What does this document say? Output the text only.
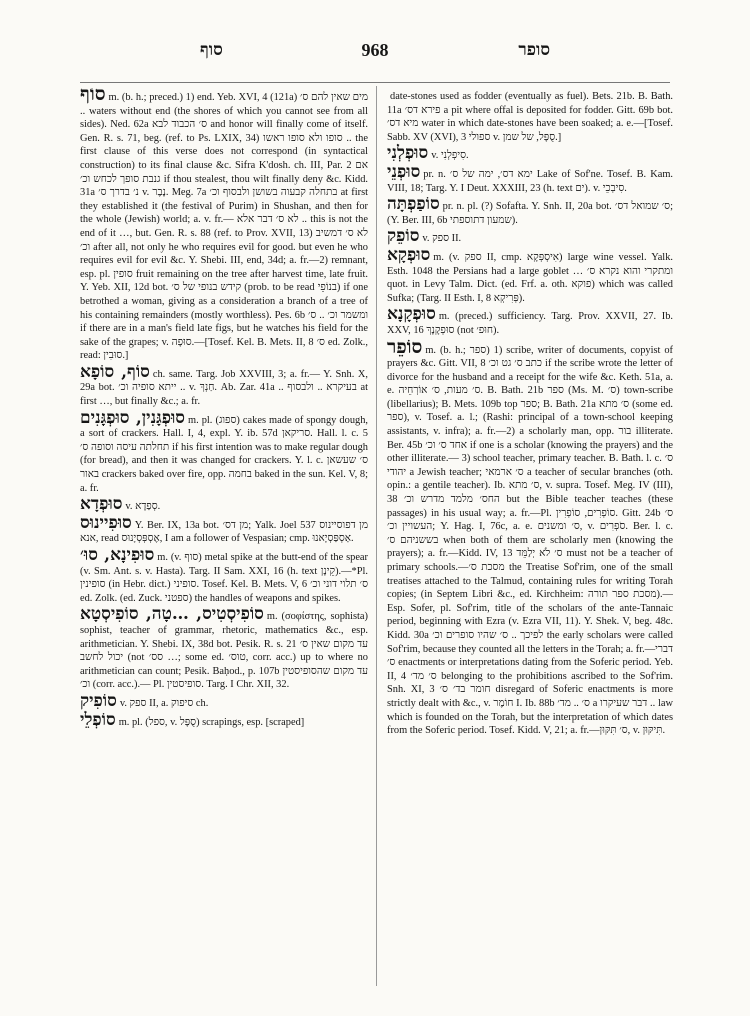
סוף	968	סופר

סוֹף m. (b. h.; preced.) 1) end. Yeb. XVI, 4 (121a) מים שאין להם ס׳ .. waters without end (the shores of which you cannot see from all sides). Ned. 62a ס׳ הכבוד לבא and honor will finally come of itself. Gen. R. s. 71, beg. (ref. to Ps. LXIX, 34) סופו ולא סופו ראשו .. the first clause of this verse does not correspond (in syntactical construction) to its final clause &c. Sifra K'dosh. ch. III, Par. 2 אם גנבת סופך לכחש וכ׳ if thou stealest, thou wilt finally deny &c. Kidd. 31a נ׳ בדרך ס׳ v. נֶבֶר. Meg. 7a בתחלה קבעוה בשושן ולבסוף וכ׳ at first they established it (the festival of Purim) in Shushan, and then for the whole (Jewish) world; a. v. fr.— לא ס׳ דבר אלא .. this is not the end of it …, but. Gen. R. s. 88 (ref. to Prov. XVII, 13) לא ס׳ דמשיב וכ׳ after all, not only he who requires evil for good. but even he who requires evil for evil &c. Y. Shebi. III, end, 34d; a. fr.—2) remnant, esp. pl. סופין fruit remaining on the tree after harvest time, late fruit. Y. Yeb. XII, 12d bot. קידש בנופי של ס׳ (prob. to be read בנוֹפֵי) if one betrothed a woman, giving as a consideration a branch of a tree of his containing remainders (mostly worthless). Pes. 6b ומשמר וכ׳ .. ס׳ if there are in a man's field late figs, but he watches his field for the sake of the grapes; v. סוּפָה.—[Tosef. Kel. B. Mets. II, 8 ס׳ ed. Zolk., read: סוּבִין.]

סוֹף, סוֹפָא ch. same. Targ. Job XXVIII, 3; a. fr.— Y. Snh. X, 29a bot. ייתא סופיה וכ׳ .. v. חַנְךְ. Ab. Zar. 41a .. בעיקרא .. ולבסוף at first …, but finally &c.; a. fr.

סוּפְגָּנִין, סוּפְגָּנִים m. pl. (ספוג) cakes made of spongy dough, a sort of crackers. Hall. I, 4, expl. Y. ib. 57d סריקאן. Hall. l. c. 5 תחלתה עיסה וסופה ס׳ if his first intention was to make regular dough (for bread), and then it was changed for crackers. Y. l. c. ס׳ שעשאן באור crackers baked over fire, opp. בחמה baked in the sun. Kel. V, 8; a. fr.

סוּפְדָא v. סְפַדָא.

סוּפִיינוּס Y. Ber. IX, 13a bot. מן דס׳; Yalk. Joel 537 מן דפוסיינוס אנא, read אֶסְפְּסְיָנוּס, I am a follower of Vespasian; cmp. אַסְפַּסְיָאנוּ.

סוּפִינָא, סוּ׳ m. (v. סוף) metal spike at the butt-end of the spear (v. Sm. Ant. s. v. Hasta). Targ. II Sam. XXI, 16 (h. text קֵינָן).—*Pl. סופינין (in Hebr. dict.) סופיני. Tosef. Kel. B. Mets. V, 6 ס׳ תלוי דוני וכ׳ ed. Zolk. (ed. Zuck. ספטני) the handles of weapons and spikes.

סוֹפִיסְטִיס, …טָה, סוֹפִיסְטָא m. (σοφίστης, sophista) sophist, teacher of grammar, rhetoric, mathematics &c., esp. arithmetician. Y. Shebi. IX, 38d bot. Pesik. R. s. 21 עד מקום שאין ס׳ יכול לחשב (not סס׳ …; some ed. טוס׳, corr. acc.) up to where no arithmetician can count; Pesik. Baḥod., p. 107b עד מקום שהסופיסטין וכ׳ (corr. acc.).— Pl. סופיסטין. Targ. I Chr. XII, 32.

סוֹפִיק v. ספק II, a. סיפוק ch.

סוֹפְלֵי m. pl. (ספל, v. סֻפָּל) scrapings, esp. [scraped]

date-stones used as fodder (eventually as fuel). Bets. 21b. B. Bath. 11a פירא דס׳ a pit where offal is deposited for fodder. Gitt. 69b bot. מיא דס׳ water in which date-stones have been soaked; a. e.—[Tosef. Sabb. XV (XVI), 3 ספולי v. סֻפָּל, של שמן.]

סוּפְלְנִי v. סִיפְלְנִי.

סוּפְנֵי pr. n. ימא דס׳, ימה של ס׳ Lake of Sof'ne. Tosef. B. Kam. VIII, 18; Targ. Y. I Deut. XXXIII, 23 (h. text ים). v. סִיבְכֵי.

סוֹפַפְתָּה pr. n. pl. (?) Sofafta. Y. Snh. II, 20a bot. ס׳ שמואל דס׳; (Y. Ber. III, 6b שמעון דתוספתי).

סוֹפֵק v. ספק II.

סוּפְקָא m. (v. ספק II, cmp. אִיסְפְּקָא) large wine vessel. Yalk. Esth. 1048 the Persians had a large goblet … ומתקרי והוא נקרא ס׳ quot. in Levy Talm. Dict. (ed. Frf. a. oth. פוקא) which was called Sufka; (Targ. II Esth. I, 8 פְּרִיקְא).

סוּפְקָנָא m. (preced.) sufficiency. Targ. Prov. XXVII, 27. Ib. XXV, 16 סוּפְקָנָךְ (not חוּפ׳).

סוֹפֵר m. (b. h.; ספר) 1) scribe, writer of documents, copyist of prayers &c. Gitt. VII, 8 כתב ס׳ גט וכ׳ if the scribe wrote the letter of divorce for the husband and a receipt for the wife &c. Keth. 51a, a. e. ס׳ מעות, ס׳ אוֹרְחֵיה. B. Bath. 21b ספר (Ms. M. ס׳) town-scribe (libellarius); B. Mets. 109b top ספר; B. Bath. 21a ס׳ מתא (some ed. ספר), v. Tosef. a. l.; (Rashi: principal of a town-school keeping assistants, v. infra); a. fr.—2) a scholarly man, opp. בור illiterate. Ber. 45b אחד ס׳ וכ׳ if one is a scholar (knowing the prayers) and the other illiterate.— 3) school teacher, primary teacher. B. Bath. l. c. ס׳ יהודי a Jewish teacher; ס׳ ארמאי a teacher of secular branches (oth. opin.: a gentile teacher). Ib. ס׳ מתא, v. supra. Tosef. Meg. IV (III), 38 החס׳ מלמד מדרש וכ׳ but the Bible teacher teaches (these passages) in his usual way; a. fr.—Pl. סוֹפְרִים, סוֹפְרִין. Gitt. 24b ס׳ העשויין וכ׳; Y. Hag. I, 76c, a. e. ס׳ ומשנים, v. סֹפְרִים. Ber. l. c. בששניהם ס׳ when both of them are scholarly men (knowing the prayers); a. fr.—Kidd. IV, 13 ס׳ לֹא יְלַמֵּד must not be a teacher of primary schools.—מסכת ס׳ the Treatise Sof'rim, one of the small treatises attached to the Talmud, containing rules for writing Torah copies; (in Septem Libri &c., ed. Kirchheim: מסכת ספר תורה).—Esp. Sofer, pl. Sof'rim, title of the scholars of the ante-Tannaic period, beginning with Ezra (v. Ezra VII, 11). Y. Shek. V, beg. 48c. Kidd. 30a לפיכך .. ס׳ שהיו סופרים וכ׳ the early scholars were called Sof'rim, because they counted all the letters in the Torah; a. fr.—דברי ס׳ enactments or interpretations dating from the Soferic period. Yeb. II, 4 ס׳ מד׳ belonging to the prohibitions ascribed to the Sof'rim. Snh. XI, 3 חומר בד׳ ס׳ disregard of Soferic enactments is more strictly dealt with &c., v. חוֹמֶר I. Ib. 88b ס׳ .. מד׳ a דבר שעיקרו .. law which is founded on the Torah, but the interpretation of which dates from the Soferic period. Tosef. Kidd. V, 21; a. fr.—ס׳ תִּקּוּן, v. תִּיקּוּן.
